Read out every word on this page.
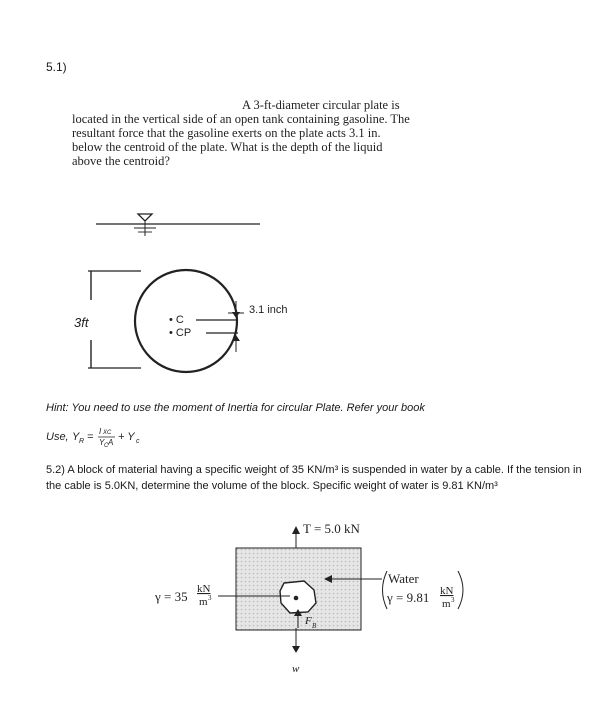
5.1)
A 3-ft-diameter circular plate is
located in the vertical side of an open tank containing gasoline. The resultant force that the gasoline exerts on the plate acts 3.1 in. below the centroid of the plate. What is the depth of the liquid above the centroid?
3ft	• C
• CP
3.1 inch
Use, Y R = I XC
Y C A + Y c
T = 5.0 kN
F B
w
γ = 35 kN
m 3
Water
γ = 9.81 kN
m 3
Hint: You need to use the moment of Inertia for circular Plate. Refer your book
5.2) A block of material having a specific weight of 35 KN/m³ is suspended in water by a cable. If the tension in the cable is 5.0KN, determine the volume of the block. Specific weight of water is 9.81 KN/m³
